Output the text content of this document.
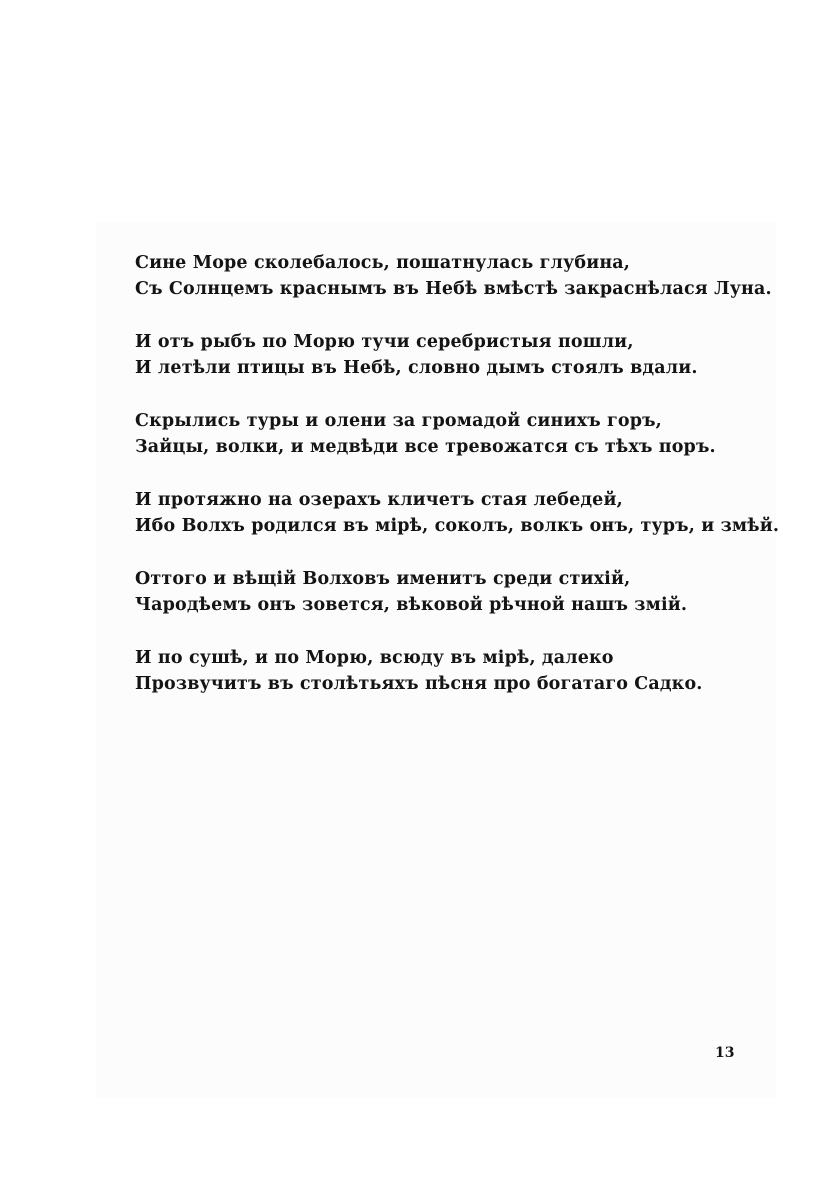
Сине Море сколебалось, пошатнулась глубина,
Съ Солнцемъ краснымъ въ Небѣ вмѣстѣ закраснѣлася Луна.
И отъ рыбъ по Морю тучи серебристыя пошли,
И летѣли птицы въ Небѣ, словно дымъ стоялъ вдали.
Скрылись туры и олени за громадой синихъ горъ,
Зайцы, волки, и медвѣди все тревожатся съ тѣхъ поръ.
И протяжно на озерахъ кличетъ стая лебедей,
Ибо Волхъ родился въ мірѣ, соколъ, волкъ онъ, туръ, и змѣй.
Оттого и вѣщій Волховъ именитъ среди стихій,
Чародѣемъ онъ зовется, вѣковой рѣчной нашъ змій.
И по сушѣ, и по Морю, всюду въ мірѣ, далеко
Прозвучитъ въ столѣтьяхъ пѣсня про богатаго Садко.
13
